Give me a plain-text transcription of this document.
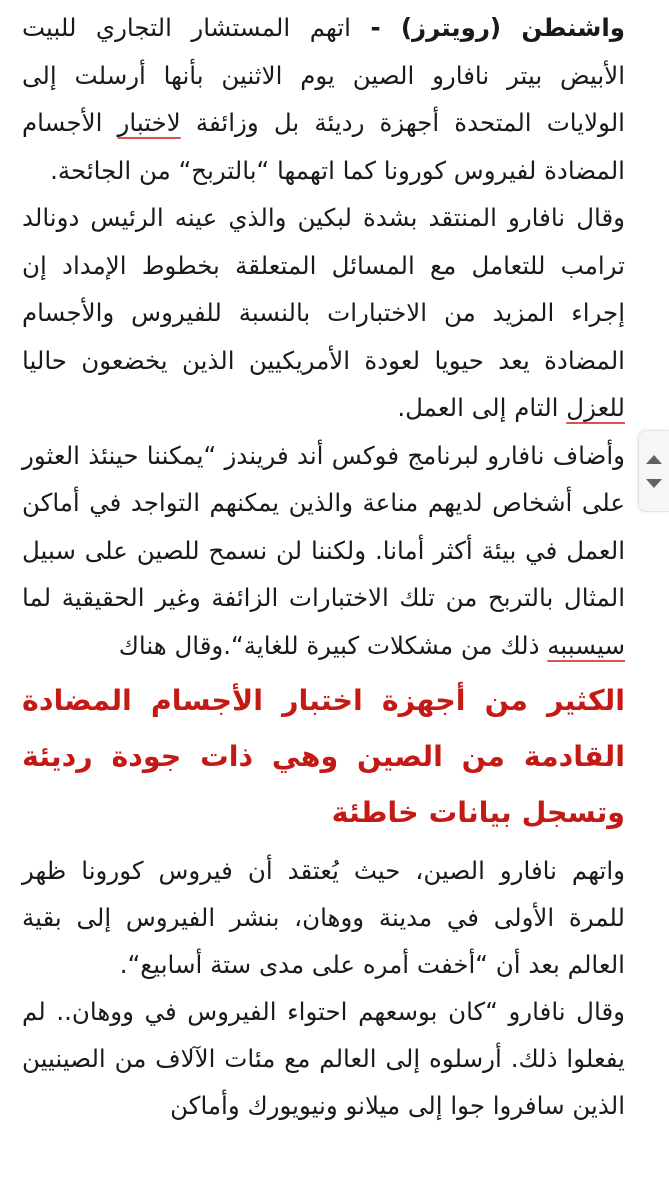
واشنطن (رويترز) - اتهم المستشار التجاري للبيت الأبيض بيتر نافارو الصين يوم الاثنين بأنها أرسلت إلى الولايات المتحدة أجهزة رديئة بل وزائفة لاختبار الأجسام المضادة لفيروس كورونا كما اتهمها “بالتربح“ من الجائحة.

وقال نافارو المنتقد بشدة لبكين والذي عينه الرئيس دونالد ترامب للتعامل مع المسائل المتعلقة بخطوط الإمداد إن إجراء المزيد من الاختبارات بالنسبة للفيروس والأجسام المضادة يعد حيويا لعودة الأمريكيين الذين يخضعون حاليا للعزل التام إلى العمل.

وأضاف نافارو لبرنامج فوكس أند فريندز “يمكننا حينئذ العثور على أشخاص لديهم مناعة والذين يمكنهم التواجد في أماكن العمل في بيئة أكثر أمانا. ولكننا لن نسمح للصين على سبيل المثال بالتربح من تلك الاختبارات الزائفة وغير الحقيقية لما سيسببه ذلك من مشكلات كبيرة للغاية“.وقال هناك

الكثير من أجهزة اختبار الأجسام المضادة القادمة من الصين وهي ذات جودة رديئة وتسجل بيانات خاطئة

واتهم نافارو الصين، حيث يُعتقد أن فيروس كورونا ظهر للمرة الأولى في مدينة ووهان، بنشر الفيروس إلى بقية العالم بعد أن “أخفت أمره على مدى ستة أسابيع“.

وقال نافارو “كان بوسعهم احتواء الفيروس في ووهان.. لم يفعلوا ذلك. أرسلوه إلى العالم مع مئات الآلاف من الصينيين الذين سافروا جوا إلى ميلانو ونيويورك وأماكن
